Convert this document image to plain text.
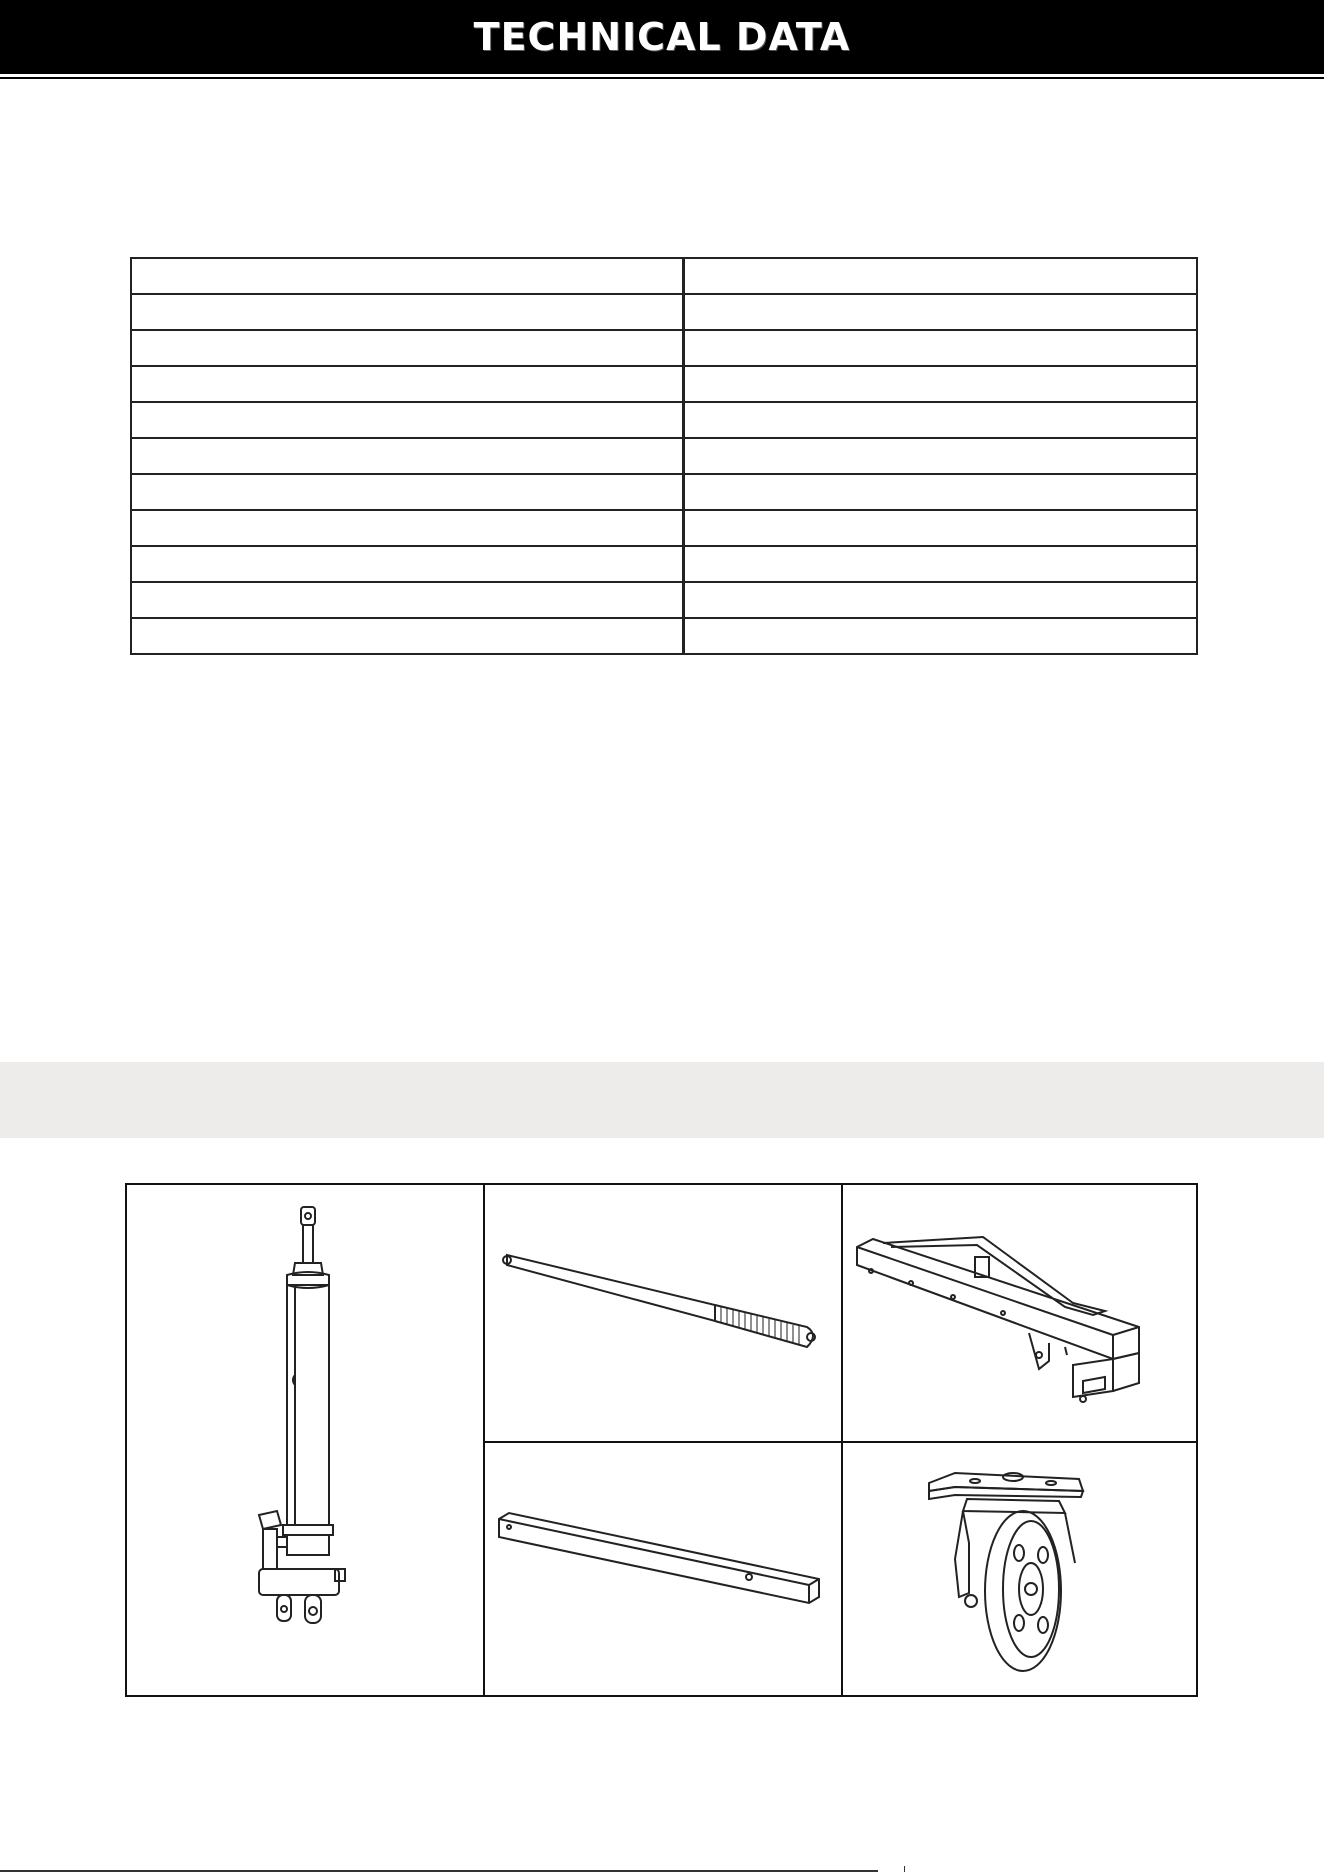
TECHNICAL DATA
